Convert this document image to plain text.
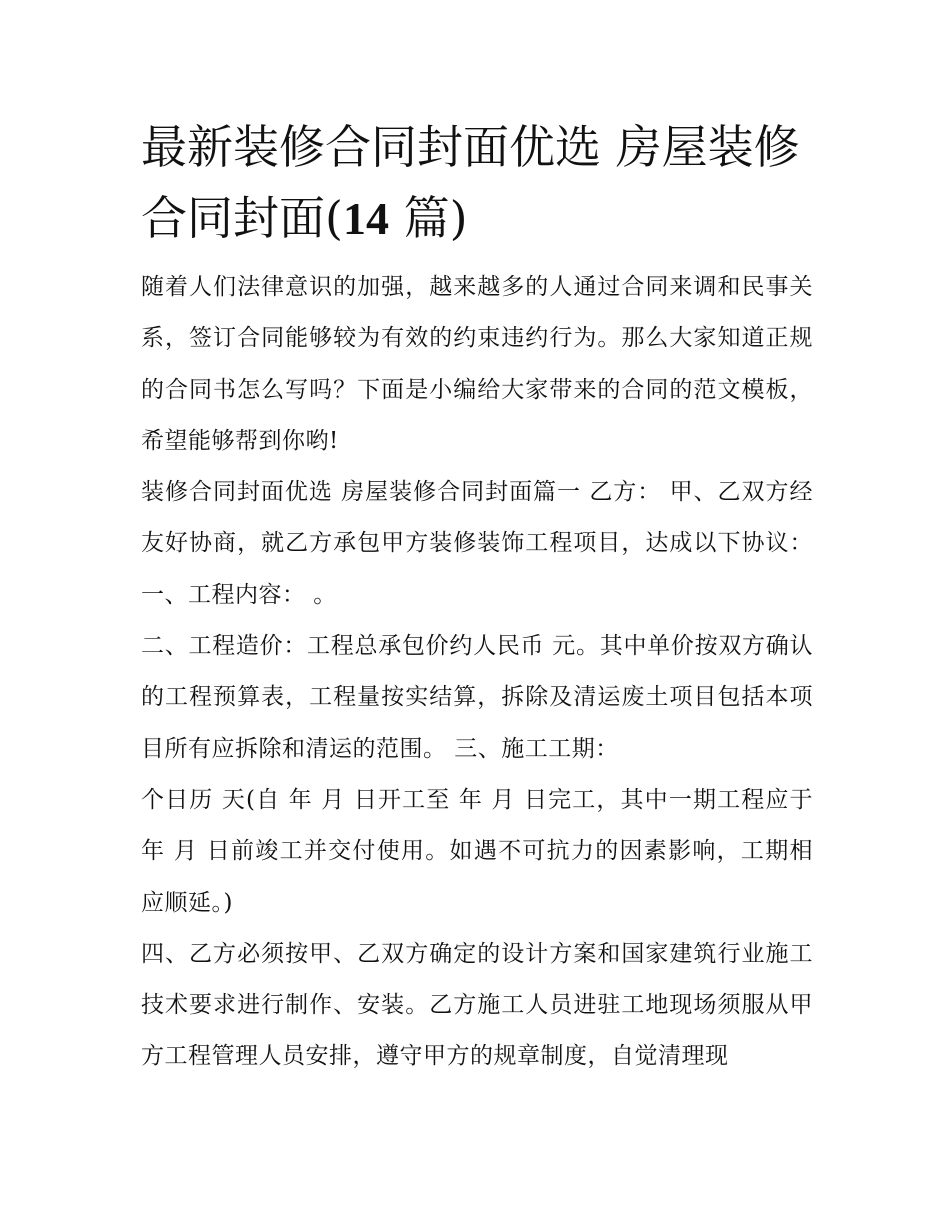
最新装修合同封面优选 房屋装修合同封面(14 篇)

随着人们法律意识的加强，越来越多的人通过合同来调和民事关系，签订合同能够较为有效的约束违约行为。那么大家知道正规的合同书怎么写吗？下面是小编给大家带来的合同的范文模板，希望能够帮到你哟!

装修合同封面优选 房屋装修合同封面篇一 乙方： 甲、乙双方经友好协商，就乙方承包甲方装修装饰工程项目，达成以下协议： 一、工程内容： 。

二、工程造价：工程总承包价约人民币 元。其中单价按双方确认的工程预算表，工程量按实结算，拆除及清运废土项目包括本项目所有应拆除和清运的范围。 三、施工工期：

个日历 天(自 年 月 日开工至 年 月 日完工，其中一期工程应于 年 月 日前竣工并交付使用。如遇不可抗力的因素影响，工期相应顺延。)

四、乙方必须按甲、乙双方确定的设计方案和国家建筑行业施工技术要求进行制作、安装。乙方施工人员进驻工地现场须服从甲方工程管理人员安排，遵守甲方的规章制度，自觉清理现
